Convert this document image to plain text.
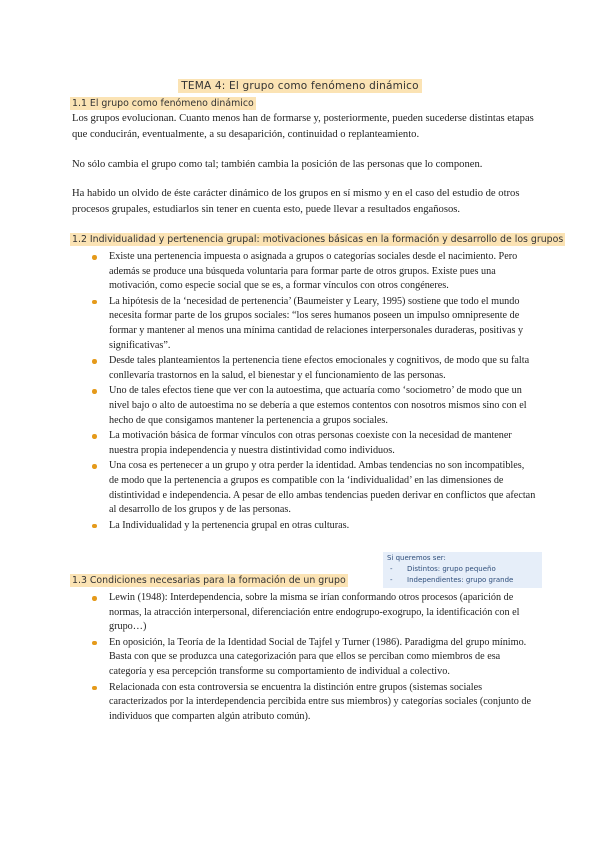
TEMA 4: El grupo como fenómeno dinámico
1.1 El grupo como fenómeno dinámico

Los grupos evolucionan. Cuanto menos han de formarse y, posteriormente, pueden sucederse distintas etapas que conducirán, eventualmente, a su desaparición, continuidad o replanteamiento.

No sólo cambia el grupo como tal; también cambia la posición de las personas que lo componen.

Ha habido un olvido de éste carácter dinámico de los grupos en sí mismo y en el caso del estudio de otros procesos grupales, estudiarlos sin tener en cuenta esto, puede llevar a resultados engañosos.

1.2 Individualidad y pertenencia grupal: motivaciones básicas en la formación y desarrollo de los grupos
Existe una pertenencia impuesta o asignada a grupos o categorías sociales desde el nacimiento. Pero además se produce una búsqueda voluntaria para formar parte de otros grupos. Existe pues una motivación, como especie social que se es, a formar vínculos con otros congéneres.
La hipótesis de la ‘necesidad de pertenencia’ (Baumeister y Leary, 1995) sostiene que todo el mundo necesita formar parte de los grupos sociales: “los seres humanos poseen un impulso omnipresente de formar y mantener al menos una mínima cantidad de relaciones interpersonales duraderas, positivas y significativas”.
Desde tales planteamientos la pertenencia tiene efectos emocionales y cognitivos, de modo que su falta conllevaría trastornos en la salud, el bienestar y el funcionamiento de las personas.
Uno de tales efectos tiene que ver con la autoestima, que actuaría como ‘sociometro’ de modo que un nivel bajo o alto de autoestima no se debería a que estemos contentos con nosotros mismos sino con el hecho de que consigamos mantener la pertenencia a grupos sociales.
La motivación básica de formar vínculos con otras personas coexiste con la necesidad de mantener nuestra propia independencia y nuestra distintividad como individuos.
Una cosa es pertenecer a un grupo y otra perder la identidad. Ambas tendencias no son incompatibles, de modo que la pertenencia a grupos es compatible con la ‘individualidad’ en las dimensiones de distintividad e independencia. A pesar de ello ambas tendencias pueden derivar en conflictos que afectan al desarrollo de los grupos y de las personas.
La Individualidad y la pertenencia grupal en otras culturas.
Si queremos ser:
- Distintos: grupo pequeño
- Independientes: grupo grande
1.3 Condiciones necesarias para la formación de un grupo
Lewin (1948): Interdependencia, sobre la misma se irían conformando otros procesos (aparición de normas, la atracción interpersonal, diferenciación entre endogrupo-exogrupo, la identificación con el grupo…)
En oposición, la Teoría de la Identidad Social de Tajfel y Turner (1986). Paradigma del grupo mínimo. Basta con que se produzca una categorización para que ellos se perciban como miembros de esa categoría y esa percepción transforme su comportamiento de individual a colectivo.
Relacionada con esta controversia se encuentra la distinción entre grupos (sistemas sociales caracterizados por la interdependencia percibida entre sus miembros) y categorías sociales (conjunto de individuos que comparten algún atributo común).
